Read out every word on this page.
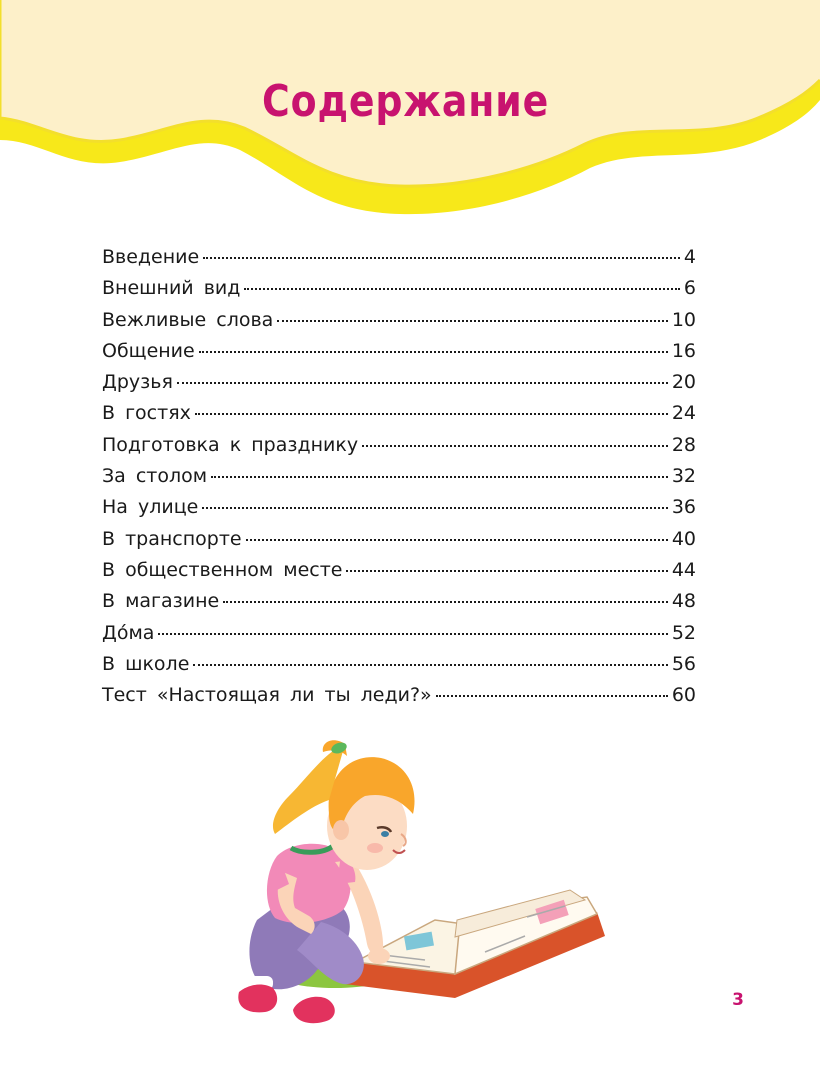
Содержание
Введение	4
Внешний вид	6
Вежливые слова	10
Общение	16
Друзья	20
В гостях	24
Подготовка к празднику	28
За столом	32
На улице	36
В транспорте	40
В общественном месте	44
В магазине	48
До́ма	52
В школе	56
Тест «Настоящая ли ты леди?»	60
3
